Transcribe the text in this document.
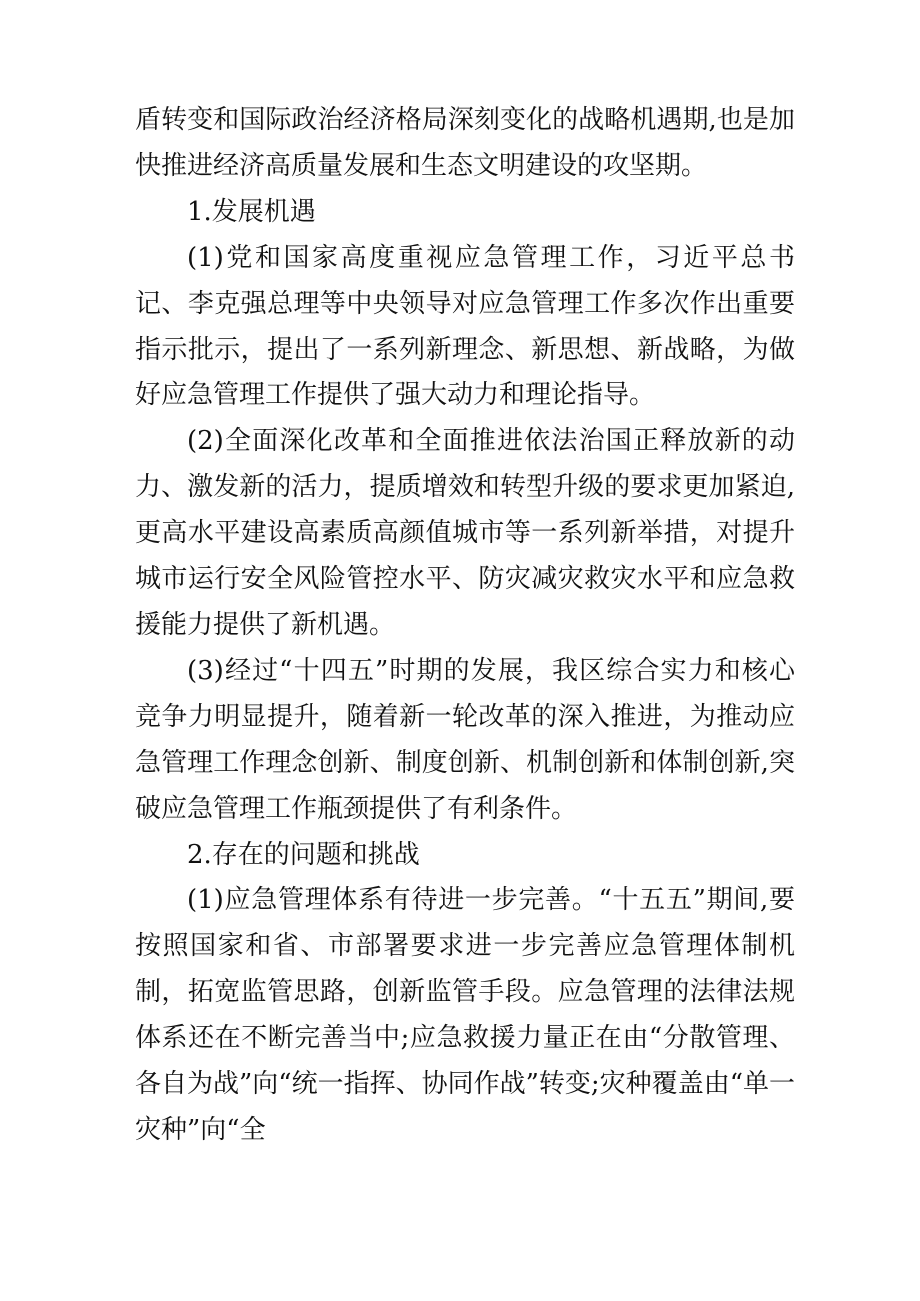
盾转变和国际政治经济格局深刻变化的战略机遇期,也是加快推进经济高质量发展和生态文明建设的攻坚期。

1.发展机遇

(1)党和国家高度重视应急管理工作，习近平总书记、李克强总理等中央领导对应急管理工作多次作出重要指示批示，提出了一系列新理念、新思想、新战略，为做好应急管理工作提供了强大动力和理论指导。

(2)全面深化改革和全面推进依法治国正释放新的动力、激发新的活力，提质增效和转型升级的要求更加紧迫,更高水平建设高素质高颜值城市等一系列新举措，对提升城市运行安全风险管控水平、防灾减灾救灾水平和应急救援能力提供了新机遇。

(3)经过“十四五”时期的发展，我区综合实力和核心竞争力明显提升，随着新一轮改革的深入推进，为推动应急管理工作理念创新、制度创新、机制创新和体制创新,突破应急管理工作瓶颈提供了有利条件。

2.存在的问题和挑战

(1)应急管理体系有待进一步完善。“十五五”期间,要按照国家和省、市部署要求进一步完善应急管理体制机制，拓宽监管思路，创新监管手段。应急管理的法律法规体系还在不断完善当中;应急救援力量正在由“分散管理、各自为战”向“统一指挥、协同作战”转变;灾种覆盖由“单一灾种”向“全
